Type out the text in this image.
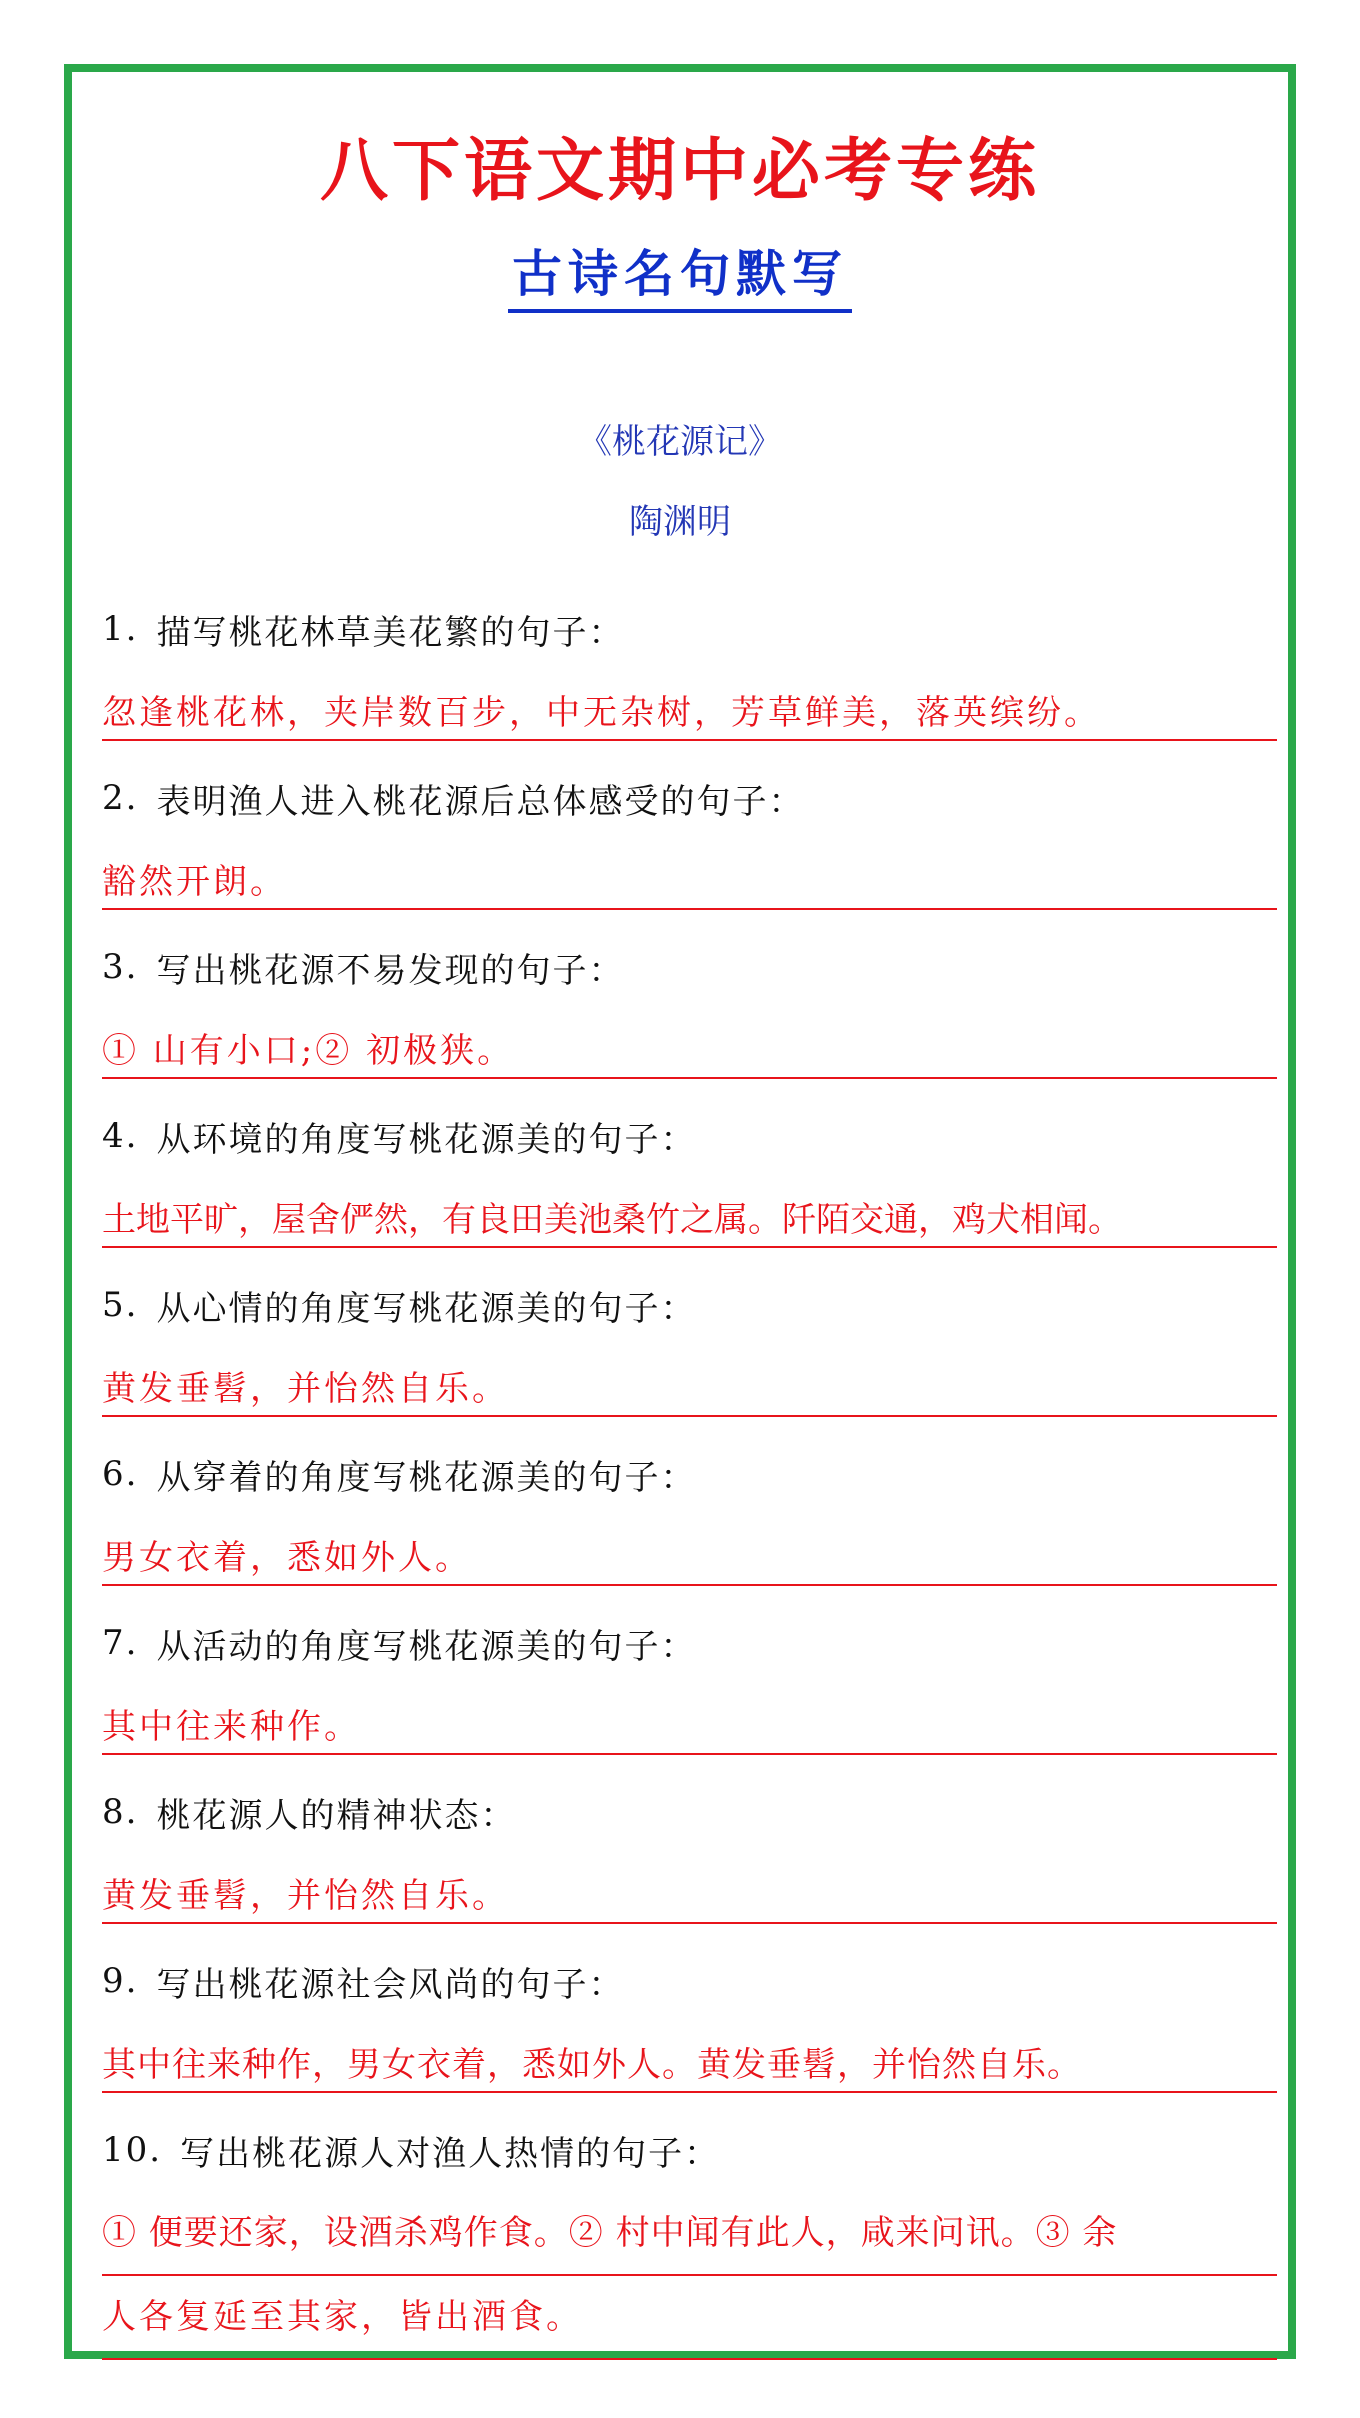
八下语文期中必考专练
古诗名句默写
《桃花源记》
陶渊明
1. 描写桃花林草美花繁的句子：
忽逢桃花林，夹岸数百步，中无杂树，芳草鲜美，落英缤纷。
2. 表明渔人进入桃花源后总体感受的句子：
豁然开朗。
3. 写出桃花源不易发现的句子：
① 山有小口;② 初极狭。
4. 从环境的角度写桃花源美的句子：
土地平旷，屋舍俨然，有良田美池桑竹之属。阡陌交通，鸡犬相闻。
5. 从心情的角度写桃花源美的句子：
黄发垂髫，并怡然自乐。
6. 从穿着的角度写桃花源美的句子：
男女衣着，悉如外人。
7. 从活动的角度写桃花源美的句子：
其中往来种作。
8. 桃花源人的精神状态：
黄发垂髫，并怡然自乐。
9. 写出桃花源社会风尚的句子：
其中往来种作，男女衣着，悉如外人。黄发垂髫，并怡然自乐。
10. 写出桃花源人对渔人热情的句子：
① 便要还家，设酒杀鸡作食。② 村中闻有此人，咸来问讯。③ 余
人各复延至其家，皆出酒食。
